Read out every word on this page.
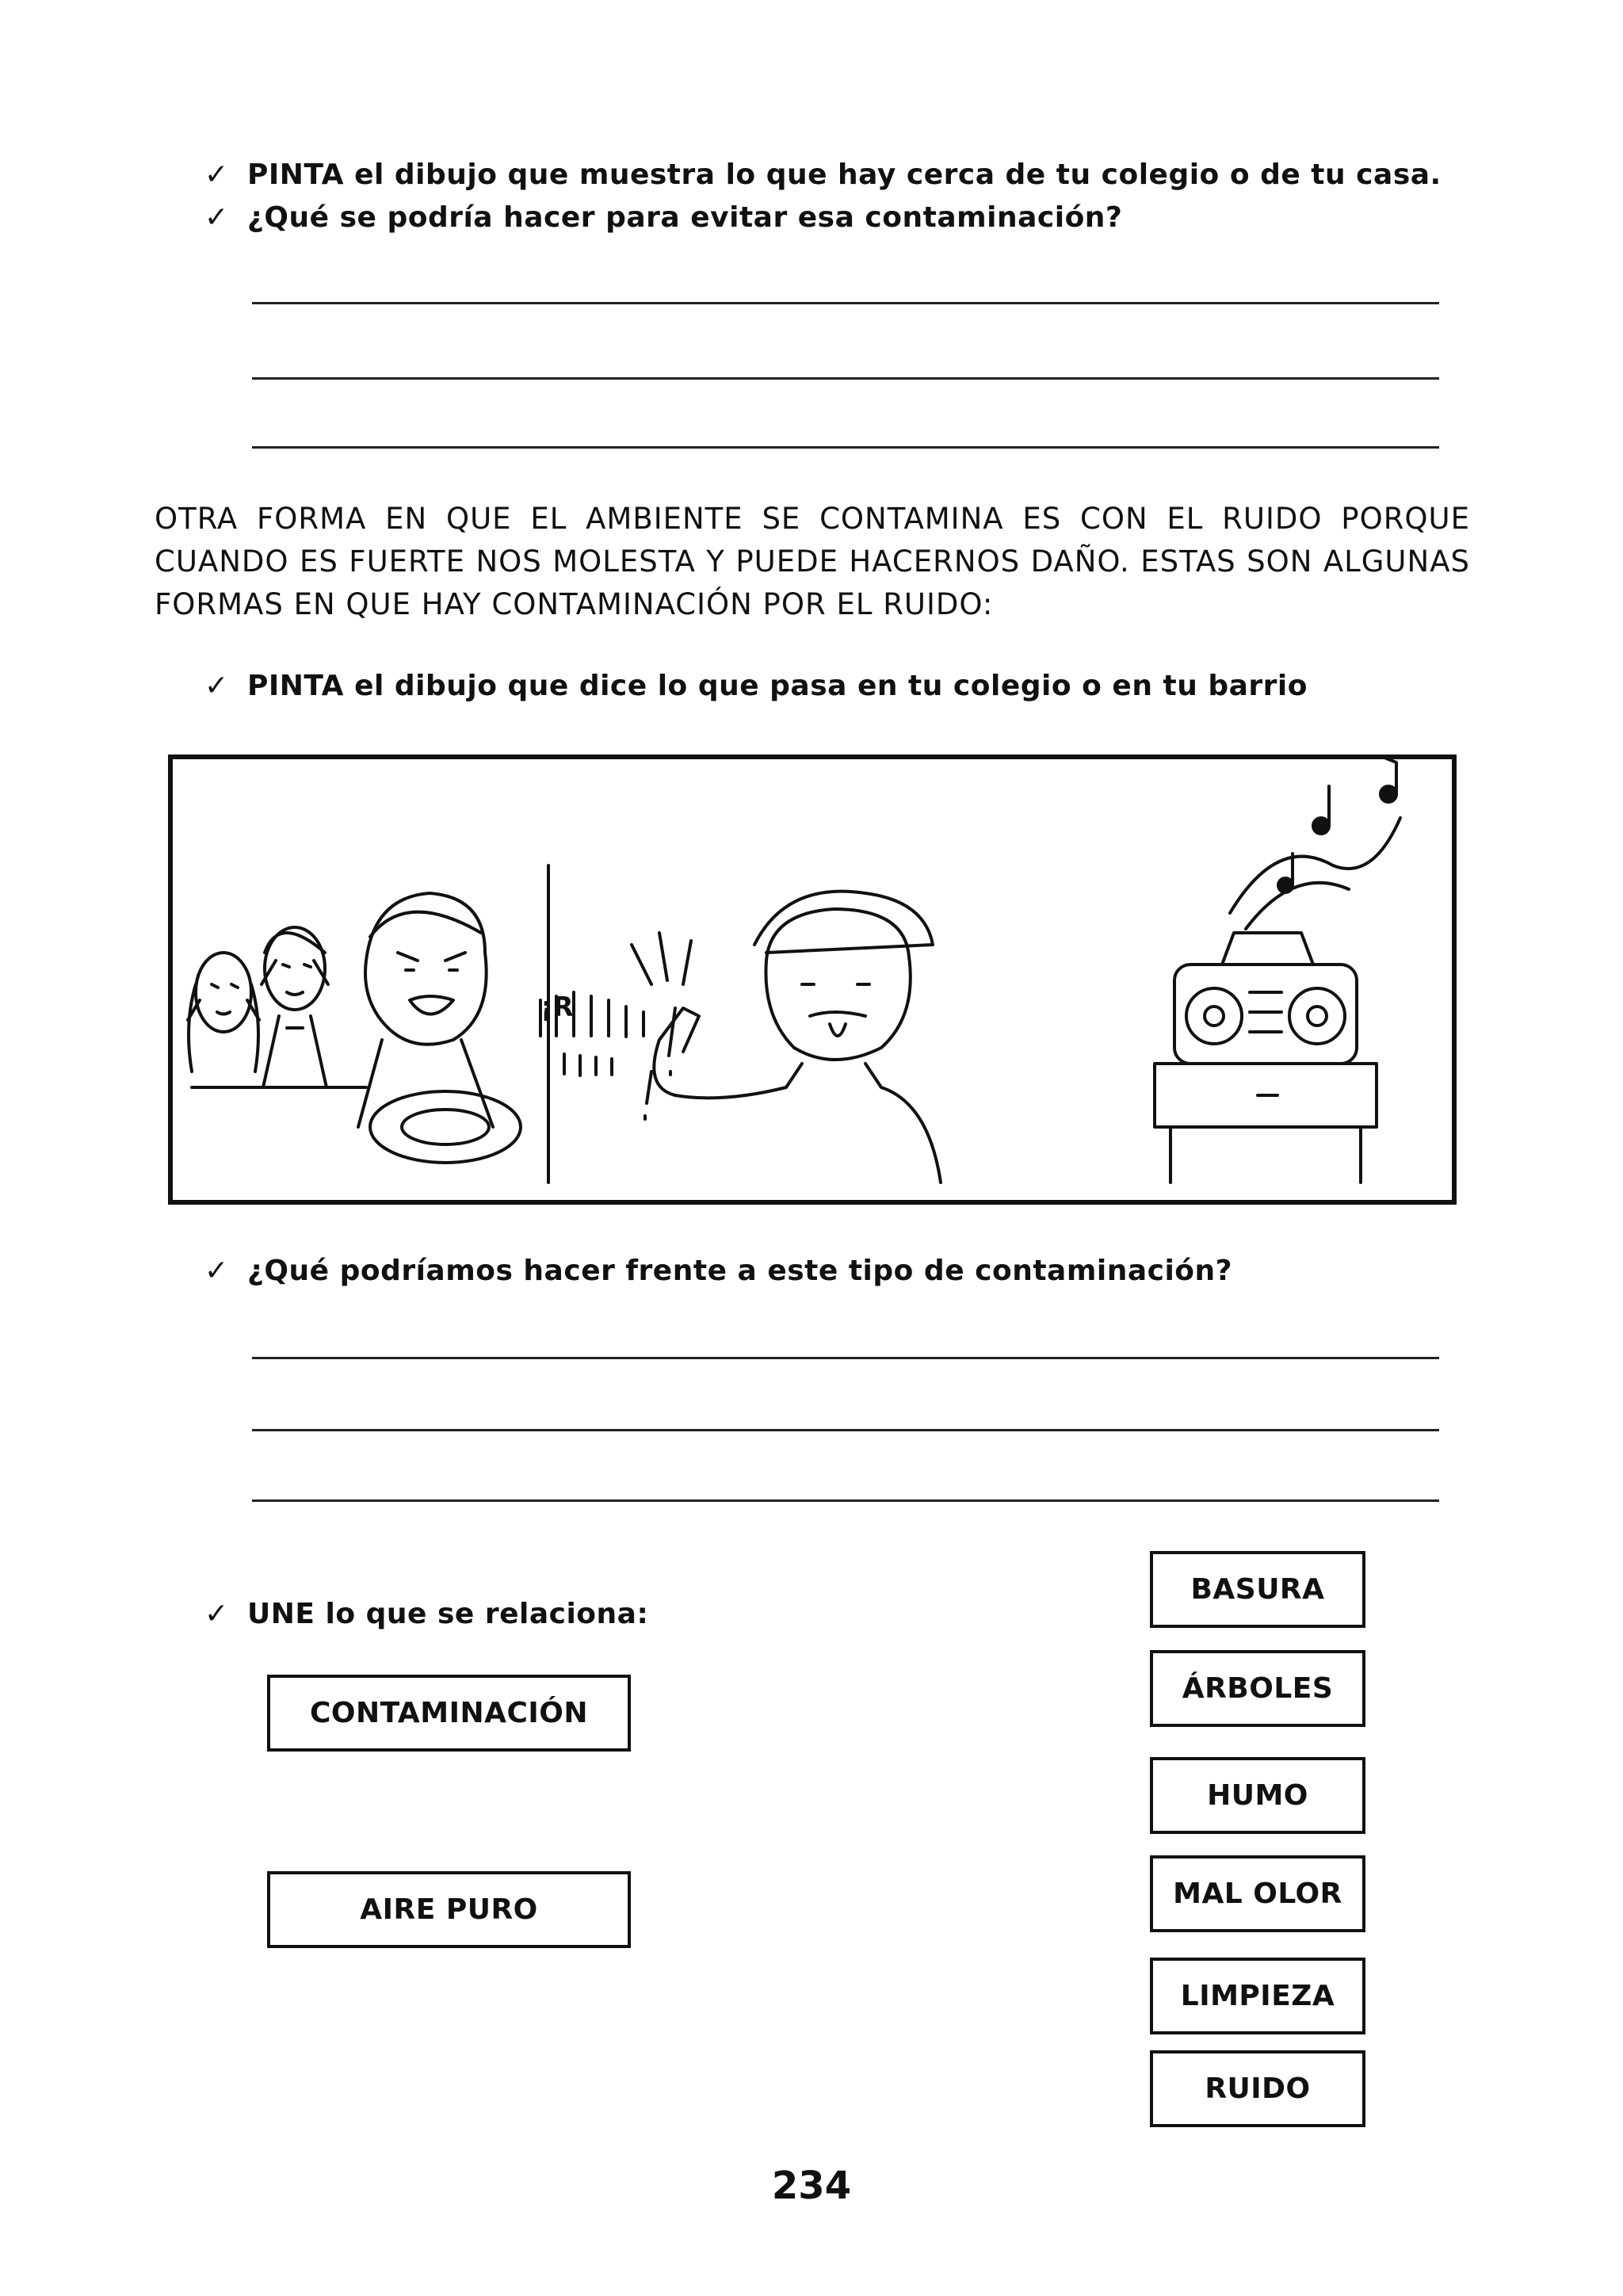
✓ PINTA el dibujo que muestra lo que hay cerca de tu colegio o de tu casa.
✓ ¿Qué se podría hacer para evitar esa contaminación?
OTRA FORMA EN QUE EL AMBIENTE SE CONTAMINA ES CON EL RUIDO PORQUE CUANDO ES FUERTE NOS MOLESTA Y PUEDE HACERNOS DAÑO. ESTAS SON ALGUNAS FORMAS EN QUE HAY CONTAMINACIÓN POR EL RUIDO:
✓ PINTA el dibujo que dice lo que pasa en tu colegio o en tu barrio
¡R
✓ ¿Qué podríamos hacer frente a este tipo de contaminación?
✓ UNE lo que se relaciona:
CONTAMINACIÓN
AIRE PURO
BASURA
ÁRBOLES
HUMO
MAL OLOR
LIMPIEZA
RUIDO
234
